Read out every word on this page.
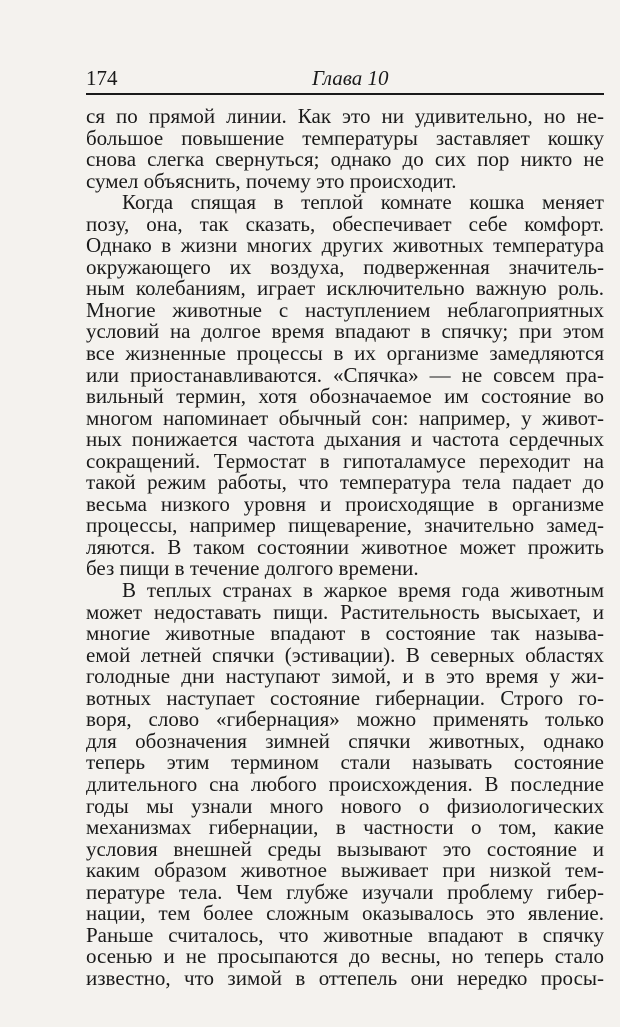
174	Глава 10
ся по прямой линии. Как это ни удивительно, но не-
большое повышение температуры заставляет кошку
снова слегка свернуться; однако до сих пор никто не
сумел объяснить, почему это происходит.
Когда спящая в теплой комнате кошка меняет
позу, она, так сказать, обеспечивает себе комфорт.
Однако в жизни многих других животных температура
окружающего их воздуха, подверженная значитель-
ным колебаниям, играет исключительно важную роль.
Многие животные с наступлением неблагоприятных
условий на долгое время впадают в спячку; при этом
все жизненные процессы в их организме замедляются
или приостанавливаются. «Спячка» — не совсем пра-
вильный термин, хотя обозначаемое им состояние во
многом напоминает обычный сон: например, у живот-
ных понижается частота дыхания и частота сердечных
сокращений. Термостат в гипоталамусе переходит на
такой режим работы, что температура тела падает до
весьма низкого уровня и происходящие в организме
процессы, например пищеварение, значительно замед-
ляются. В таком состоянии животное может прожить
без пищи в течение долгого времени.
В теплых странах в жаркое время года животным
может недоставать пищи. Растительность высыхает, и
многие животные впадают в состояние так называ-
емой летней спячки (эстивации). В северных областях
голодные дни наступают зимой, и в это время у жи-
вотных наступает состояние гибернации. Строго го-
воря, слово «гибернация» можно применять только
для обозначения зимней спячки животных, однако
теперь этим термином стали называть состояние
длительного сна любого происхождения. В последние
годы мы узнали много нового о физиологических
механизмах гибернации, в частности о том, какие
условия внешней среды вызывают это состояние и
каким образом животное выживает при низкой тем-
пературе тела. Чем глубже изучали проблему гибер-
нации, тем более сложным оказывалось это явление.
Раньше считалось, что животные впадают в спячку
осенью и не просыпаются до весны, но теперь стало
известно, что зимой в оттепель они нередко просы-
